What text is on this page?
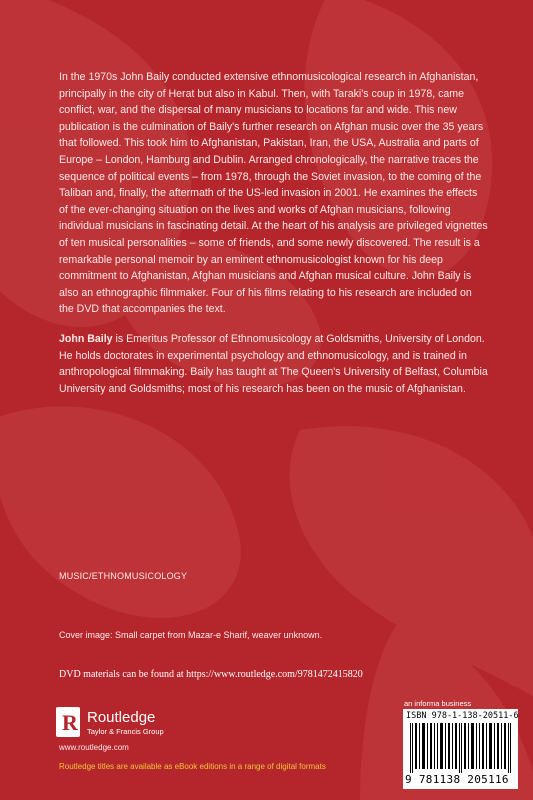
In the 1970s John Baily conducted extensive ethnomusicological research in Afghanistan, principally in the city of Herat but also in Kabul. Then, with Taraki's coup in 1978, came conflict, war, and the dispersal of many musicians to locations far and wide. This new publication is the culmination of Baily's further research on Afghan music over the 35 years that followed. This took him to Afghanistan, Pakistan, Iran, the USA, Australia and parts of Europe – London, Hamburg and Dublin. Arranged chronologically, the narrative traces the sequence of political events – from 1978, through the Soviet invasion, to the coming of the Taliban and, finally, the aftermath of the US-led invasion in 2001. He examines the effects of the ever-changing situation on the lives and works of Afghan musicians, following individual musicians in fascinating detail. At the heart of his analysis are privileged vignettes of ten musical personalities – some of friends, and some newly discovered. The result is a remarkable personal memoir by an eminent ethnomusicologist known for his deep commitment to Afghanistan, Afghan musicians and Afghan musical culture. John Baily is also an ethnographic filmmaker. Four of his films relating to his research are included on the DVD that accompanies the text.

John Baily is Emeritus Professor of Ethnomusicology at Goldsmiths, University of London. He holds doctorates in experimental psychology and ethnomusicology, and is trained in anthropological filmmaking. Baily has taught at The Queen's University of Belfast, Columbia University and Goldsmiths; most of his research has been on the music of Afghanistan.

MUSIC/ETHNOMUSICOLOGY
Cover image: Small carpet from Mazar-e Sharif, weaver unknown.
DVD materials can be found at https://www.routledge.com/9781472415820
R Routledge
Taylor & Francis Group
www.routledge.com
Routledge titles are available as eBook editions in a range of digital formats
an informa business
ISBN 978-1-138-20511-6
9 781138 205116
